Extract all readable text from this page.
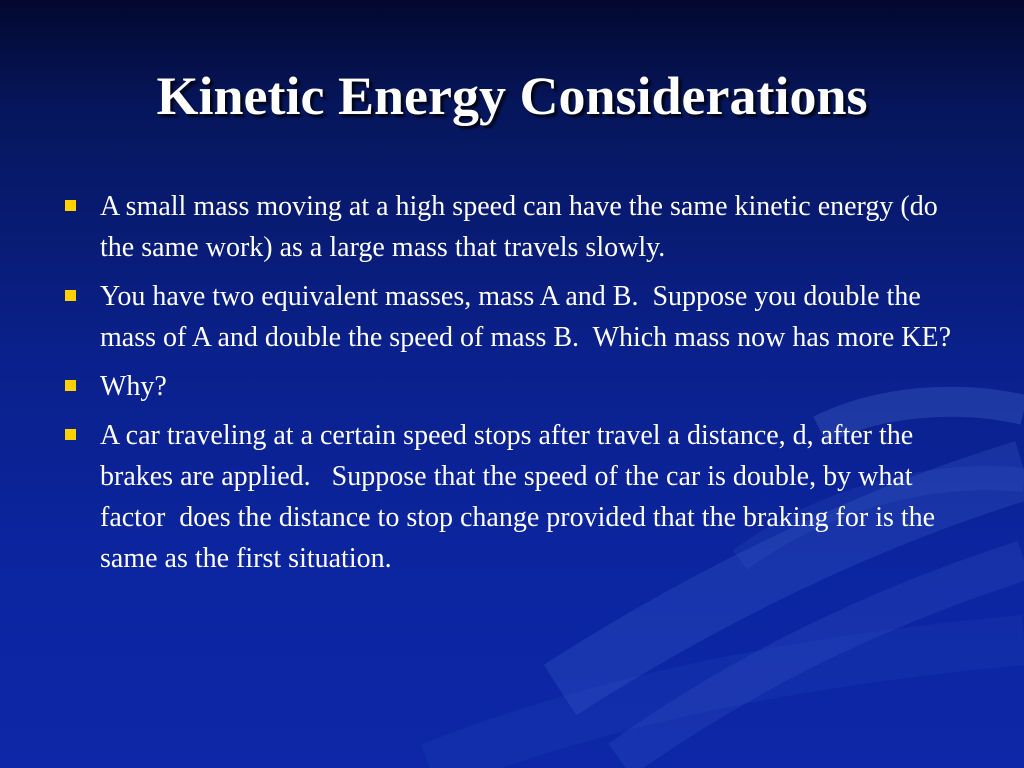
Kinetic Energy Considerations
A small mass moving at a high speed can have the same kinetic energy (do the same work) as a large mass that travels slowly.
You have two equivalent masses, mass A and B.  Suppose you double the mass of A and double the speed of mass B.  Which mass now has more KE?
Why?
A car traveling at a certain speed stops after travel a distance, d, after the brakes are applied.   Suppose that the speed of the car is double, by what factor  does the distance to stop change provided that the braking for is the same as the first situation.
